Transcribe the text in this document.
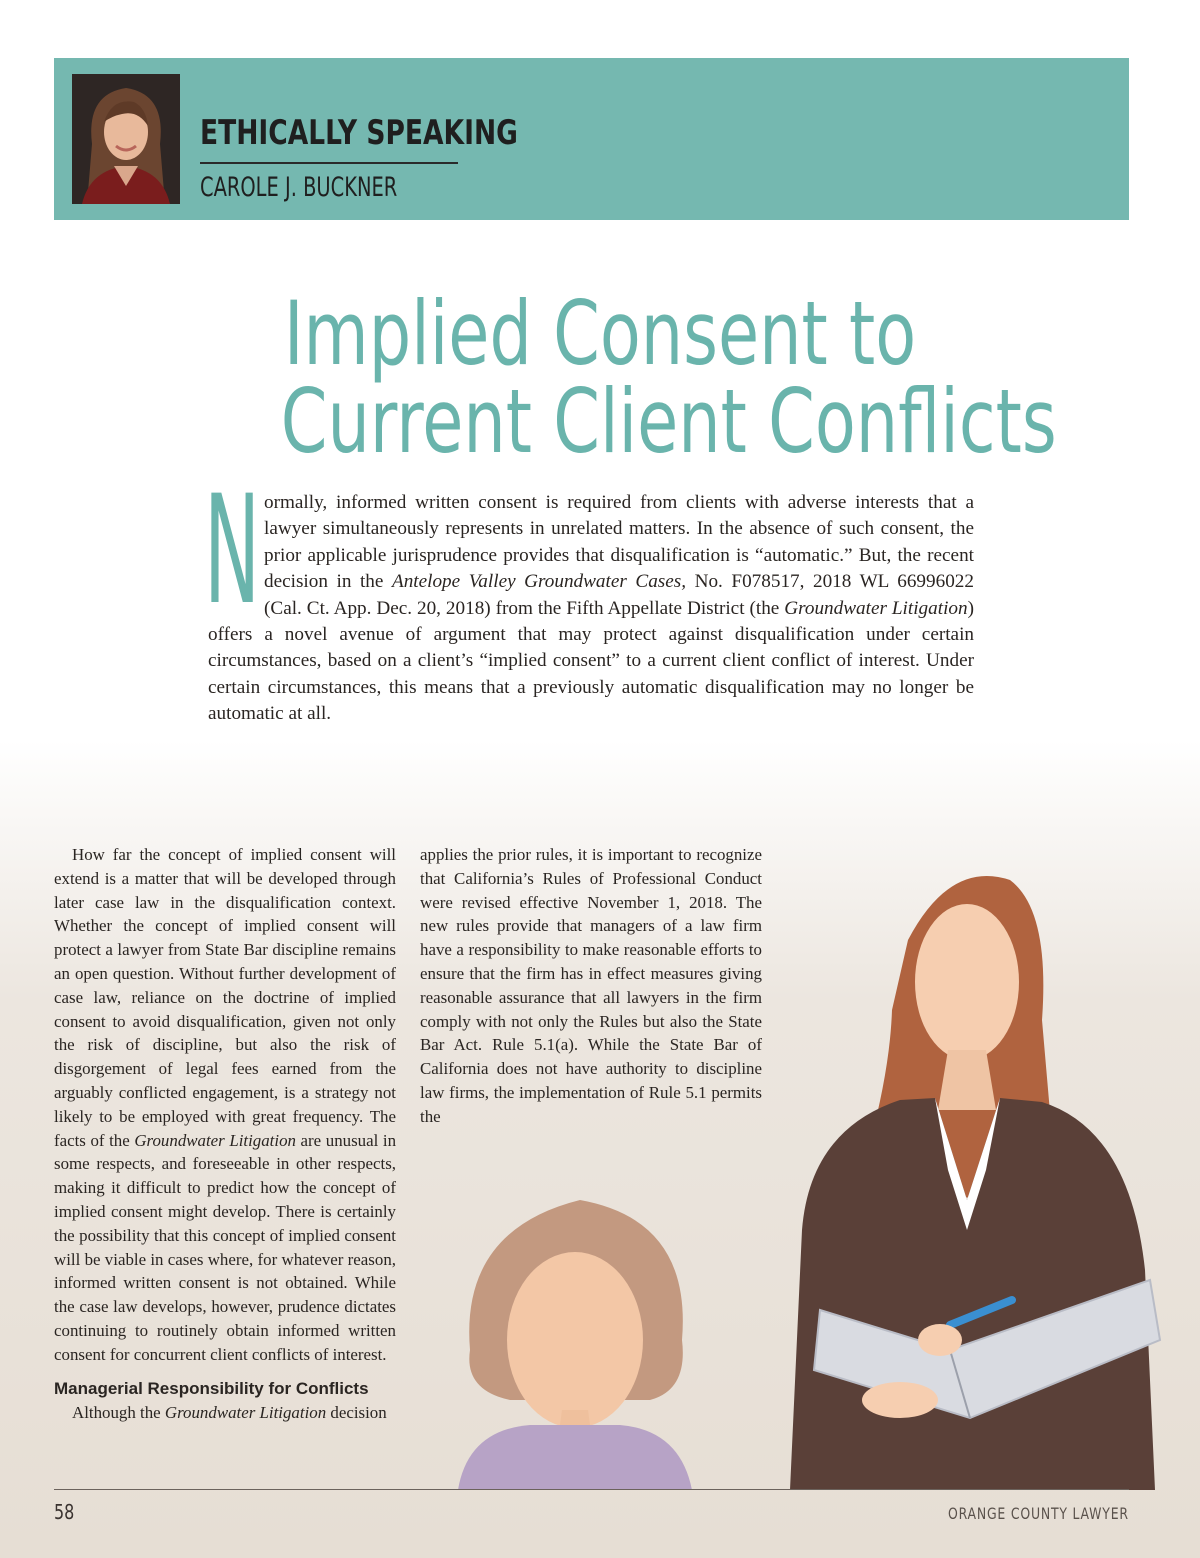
ETHICALLY SPEAKING
CAROLE J. BUCKNER
Implied Consent to
Current Client Conflicts
Normally, informed written consent is required from clients with adverse interests that a lawyer simultaneously represents in unrelated matters. In the absence of such consent, the prior applicable jurisprudence provides that disqualification is “automatic.” But, the recent decision in the Antelope Valley Groundwater Cases, No. F078517, 2018 WL 66996022 (Cal. Ct. App. Dec. 20, 2018) from the Fifth Appellate District (the Groundwater Litigation) offers a novel avenue of argument that may protect against disqualification under certain circumstances, based on a client’s “implied consent” to a current client conflict of interest. Under certain circumstances, this means that a previously automatic disqualification may no longer be automatic at all.

How far the concept of implied consent will extend is a matter that will be developed through later case law in the disqualification context. Whether the concept of implied consent will protect a lawyer from State Bar discipline remains an open question. Without further development of case law, reliance on the doctrine of implied consent to avoid disqualification, given not only the risk of discipline, but also the risk of disgorgement of legal fees earned from the arguably conflicted engagement, is a strategy not likely to be employed with great frequency. The facts of the Groundwater Litigation are unusual in some respects, and foreseeable in other respects, making it difficult to predict how the concept of implied consent might develop. There is certainly the possibility that this concept of implied consent will be viable in cases where, for whatever reason, informed written consent is not obtained. While the case law develops, however, prudence dictates continuing to routinely obtain informed written consent for concurrent client conflicts of interest.

Managerial Responsibility for Conflicts

Although the Groundwater Litigation decision

applies the prior rules, it is important to recognize that California’s Rules of Professional Conduct were revised effective November 1, 2018. The new rules provide that managers of a law firm have a responsibility to make reasonable efforts to ensure that the firm has in effect measures giving reasonable assurance that all lawyers in the firm comply with not only the Rules but also the State Bar Act. Rule 5.1(a). While the State Bar of California does not have authority to discipline law firms, the implementation of Rule 5.1 permits the

58	ORANGE COUNTY LAWYER
